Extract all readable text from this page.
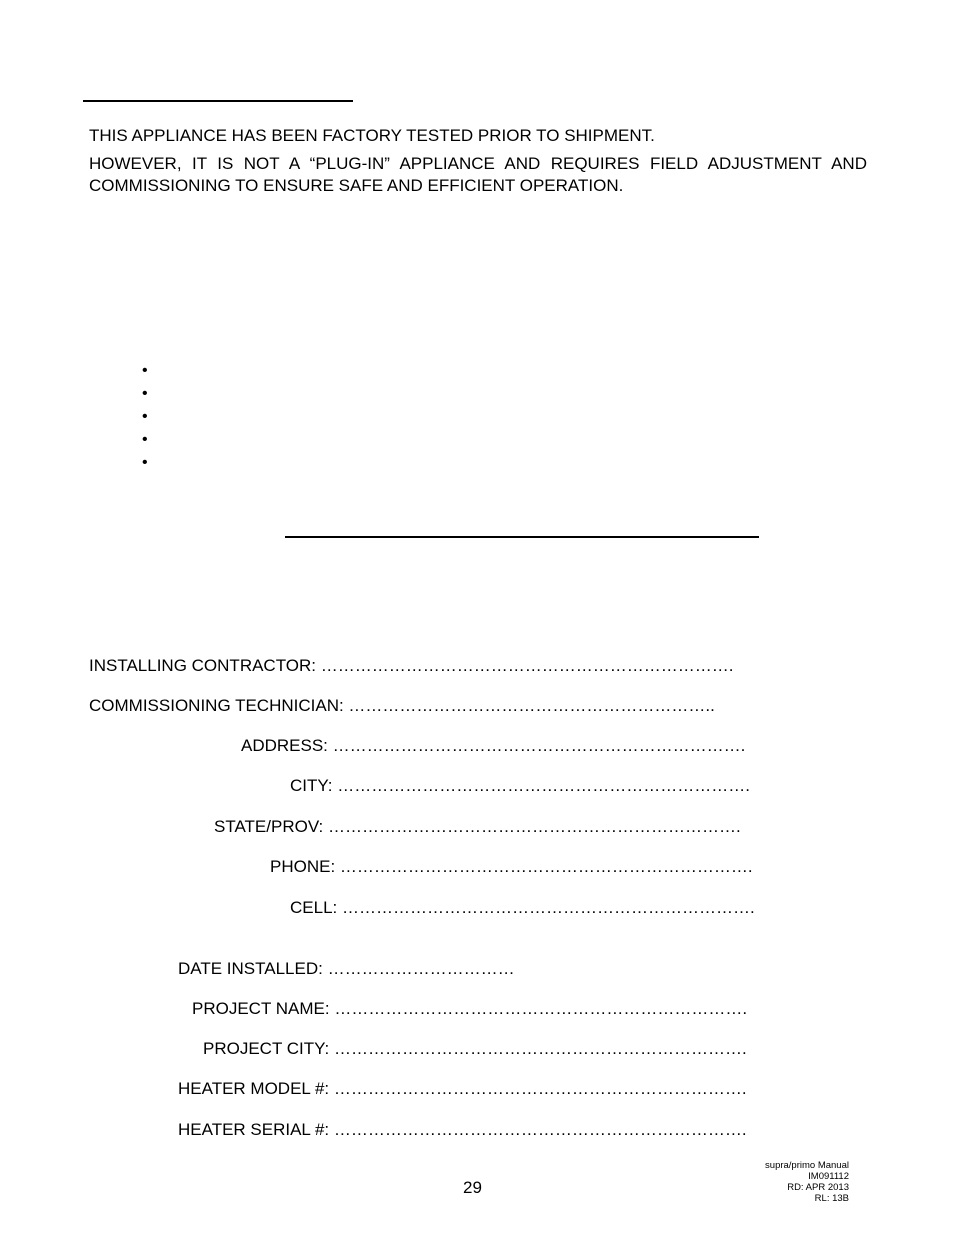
THIS APPLIANCE HAS BEEN FACTORY TESTED PRIOR TO SHIPMENT.
HOWEVER, IT IS NOT A “PLUG-IN” APPLIANCE AND REQUIRES FIELD ADJUSTMENT AND COMMISSIONING TO ENSURE SAFE AND EFFICIENT OPERATION.
•
•
•
•
•
INSTALLING CONTRACTOR: ……………………………………………………………….
COMMISSIONING TECHNICIAN: ………………………………………………………..
ADDRESS: ……………………………………………………………….
CITY: ……………………………………………………………….
STATE/PROV: ……………………………………………………………….
PHONE: ……………………………………………………………….
CELL: ……………………………………………………………….
DATE INSTALLED: ……………………………
PROJECT NAME: ……………………………………………………………….
PROJECT CITY: ……………………………………………………………….
HEATER MODEL #: ……………………………………………………………….
HEATER SERIAL #: ……………………………………………………………….
29
supra/primo Manual
IM091112
RD: APR 2013
RL: 13B
